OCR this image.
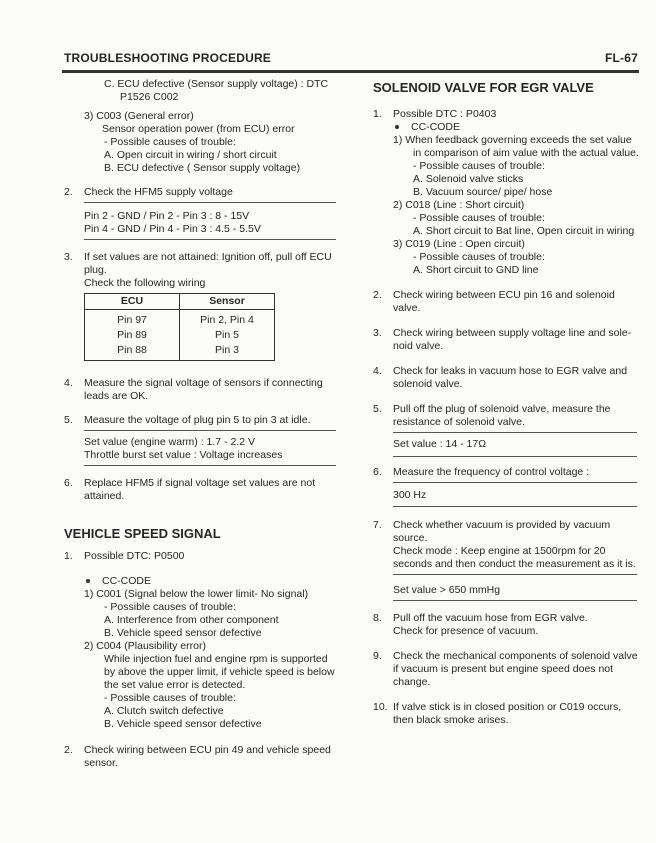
TROUBLESHOOTING PROCEDURE	FL-67
C. ECU defective (Sensor supply voltage) : DTC
P1526 C002
3) C003 (General error)
Sensor operation power (from ECU) error
- Possible causes of trouble:
A. Open circuit in wiring / short circuit
B. ECU defective ( Sensor supply voltage)
2. Check the HFM5 supply voltage
Pin 2 - GND / Pin 2 - Pin 3 : 8 - 15V
Pin 4 - GND / Pin 4 - Pin 3 : 4.5 - 5.5V
3. If set values are not attained: Ignition off, pull off ECU
plug.
Check the following wiring
ECU	Sensor
Pin 97	Pin 2, Pin 4
Pin 89	Pin 5
Pin 88	Pin 3
4. Measure the signal voltage of sensors if connecting
leads are OK.
5. Measure the voltage of plug pin 5 to pin 3 at idle.
Set value (engine warm) : 1.7 - 2.2 V
Throttle burst set value : Voltage increases
6. Replace HFM5 if signal voltage set values are not
attained.
VEHICLE SPEED SIGNAL
1. Possible DTC: P0500
CC-CODE
1) C001 (Signal below the lower limit- No signal)
- Possible causes of trouble:
A. Interference from other component
B. Vehicle speed sensor defective
2) C004 (Plausibility error)
While injection fuel and engine rpm is supported
by above the upper limit, if vehicle speed is below
the set value error is detected.
- Possible causes of trouble:
A. Clutch switch defective
B. Vehicle speed sensor defective
2. Check wiring between ECU pin 49 and vehicle speed
sensor.
SOLENOID VALVE FOR EGR VALVE
1. Possible DTC : P0403
CC-CODE
1) When feedback governing exceeds the set value
in comparison of aim value with the actual value.
- Possible causes of trouble:
A. Solenoid valve sticks
B. Vacuum source/ pipe/ hose
2) C018 (Line : Short circuit)
- Possible causes of trouble:
A. Short circuit to Bat line, Open circuit in wiring
3) C019 (Line : Open circuit)
- Possible causes of trouble:
A. Short circuit to GND line
2. Check wiring between ECU pin 16 and solenoid
valve.
3. Check wiring between supply voltage line and sole-
noid valve.
4. Check for leaks in vacuum hose to EGR valve and
solenoid valve.
5. Pull off the plug of solenoid valve, measure the
resistance of solenoid valve.
Set value : 14 - 17Ω
6. Measure the frequency of control voltage :
300 Hz
7. Check whether vacuum is provided by vacuum
source.
Check mode : Keep engine at 1500rpm for 20
seconds and then conduct the measurement as it is.
Set value > 650 mmHg
8. Pull off the vacuum hose from EGR valve.
Check for presence of vacuum.
9. Check the mechanical components of solenoid valve
if vacuum is present but engine speed does not
change.
10. If valve stick is in closed position or C019 occurs,
then black smoke arises.
